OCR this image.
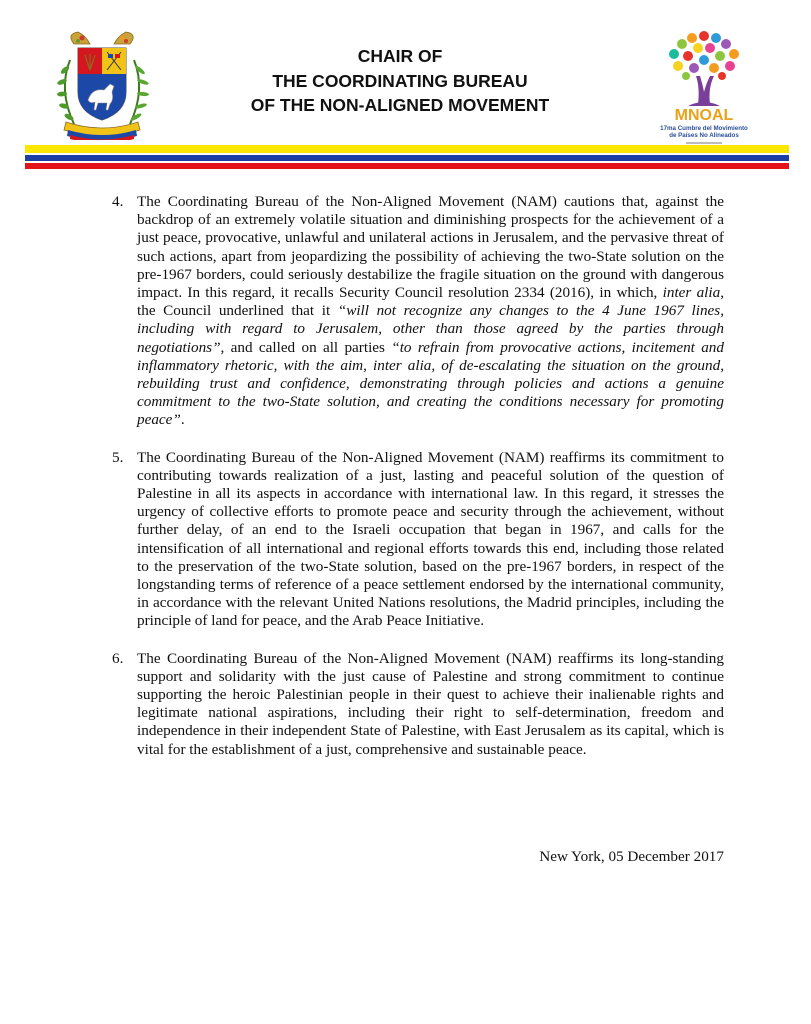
CHAIR OF
THE COORDINATING BUREAU
OF THE NON-ALIGNED MOVEMENT
MNOAL
17ma Cumbre del Movimiento
de Países No Alineados
4. The Coordinating Bureau of the Non-Aligned Movement (NAM) cautions that, against the backdrop of an extremely volatile situation and diminishing prospects for the achievement of a just peace, provocative, unlawful and unilateral actions in Jerusalem, and the pervasive threat of such actions, apart from jeopardizing the possibility of achieving the two-State solution on the pre-1967 borders, could seriously destabilize the fragile situation on the ground with dangerous impact. In this regard, it recalls Security Council resolution 2334 (2016), in which, inter alia, the Council underlined that it “will not recognize any changes to the 4 June 1967 lines, including with regard to Jerusalem, other than those agreed by the parties through negotiations”, and called on all parties “to refrain from provocative actions, incitement and inflammatory rhetoric, with the aim, inter alia, of de-escalating the situation on the ground, rebuilding trust and confidence, demonstrating through policies and actions a genuine commitment to the two-State solution, and creating the conditions necessary for promoting peace”.

5. The Coordinating Bureau of the Non-Aligned Movement (NAM) reaffirms its commitment to contributing towards realization of a just, lasting and peaceful solution of the question of Palestine in all its aspects in accordance with international law. In this regard, it stresses the urgency of collective efforts to promote peace and security through the achievement, without further delay, of an end to the Israeli occupation that began in 1967, and calls for the intensification of all international and regional efforts towards this end, including those related to the preservation of the two-State solution, based on the pre-1967 borders, in respect of the longstanding terms of reference of a peace settlement endorsed by the international community, in accordance with the relevant United Nations resolutions, the Madrid principles, including the principle of land for peace, and the Arab Peace Initiative.

6. The Coordinating Bureau of the Non-Aligned Movement (NAM) reaffirms its long-standing support and solidarity with the just cause of Palestine and strong commitment to continue supporting the heroic Palestinian people in their quest to achieve their inalienable rights and legitimate national aspirations, including their right to self-determination, freedom and independence in their independent State of Palestine, with East Jerusalem as its capital, which is vital for the establishment of a just, comprehensive and sustainable peace.

New York, 05 December 2017
